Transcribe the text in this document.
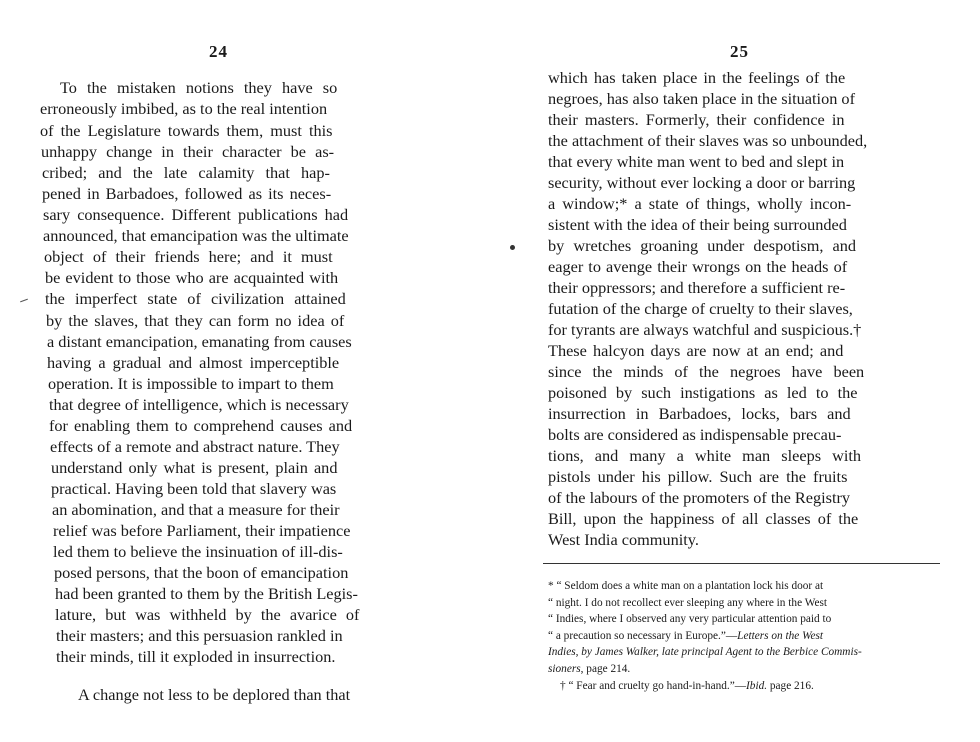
24
To the mistaken notions they have so
erroneously imbibed, as to the real intention
of the Legislature towards them, must this
unhappy change in their character be as-
cribed; and the late calamity that hap-
pened in Barbadoes, followed as its neces-
sary consequence. Different publications had
announced, that emancipation was the ultimate
object of their friends here; and it must
be evident to those who are acquainted with
the imperfect state of civilization attained
by the slaves, that they can form no idea of
a distant emancipation, emanating from causes
having a gradual and almost imperceptible
operation. It is impossible to impart to them
that degree of intelligence, which is necessary
for enabling them to comprehend causes and
effects of a remote and abstract nature. They
understand only what is present, plain and
practical. Having been told that slavery was
an abomination, and that a measure for their
relief was before Parliament, their impatience
led them to believe the insinuation of ill-dis-
posed persons, that the boon of emancipation
had been granted to them by the British Legis-
lature, but was withheld by the avarice of
their masters; and this persuasion rankled in
their minds, till it exploded in insurrection.
A change not less to be deplored than that
25
which has taken place in the feelings of the
negroes, has also taken place in the situation of
their masters. Formerly, their confidence in
the attachment of their slaves was so unbounded,
that every white man went to bed and slept in
security, without ever locking a door or barring
a window;* a state of things, wholly incon-
sistent with the idea of their being surrounded
by wretches groaning under despotism, and
eager to avenge their wrongs on the heads of
their oppressors; and therefore a sufficient re-
futation of the charge of cruelty to their slaves,
for tyrants are always watchful and suspicious.†
These halcyon days are now at an end; and
since the minds of the negroes have been
poisoned by such instigations as led to the
insurrection in Barbadoes, locks, bars and
bolts are considered as indispensable precau-
tions, and many a white man sleeps with
pistols under his pillow. Such are the fruits
of the labours of the promoters of the Registry
Bill, upon the happiness of all classes of the
West India community.
* “ Seldom does a white man on a plantation lock his door at
“ night. I do not recollect ever sleeping any where in the West
“ Indies, where I observed any very particular attention paid to
“ a precaution so necessary in Europe.”—Letters on the West
Indies, by James Walker, late principal Agent to the Berbice Commis-
sioners, page 214.
† “ Fear and cruelty go hand-in-hand.”—Ibid. page 216.
